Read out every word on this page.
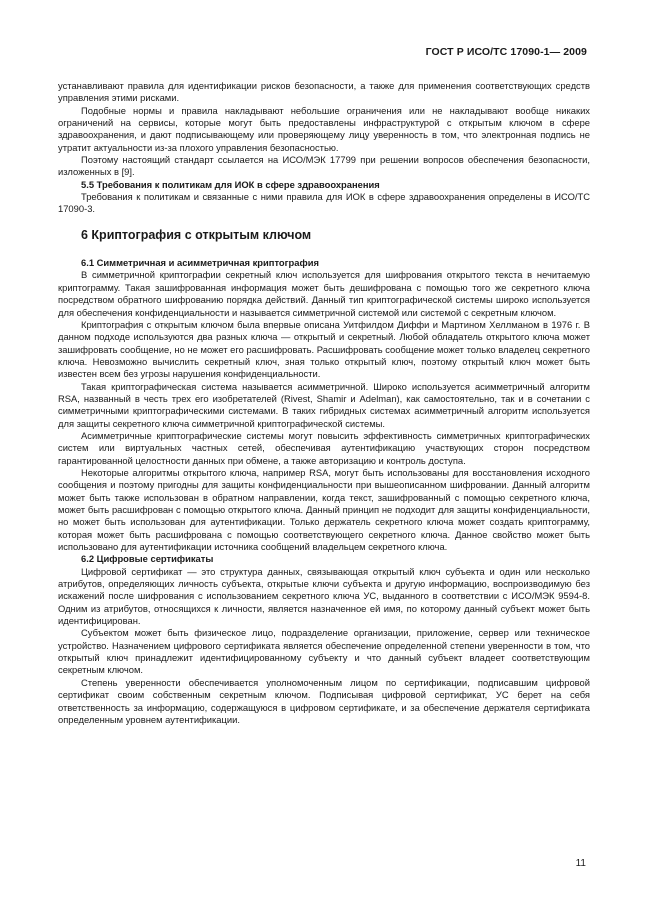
ГОСТ Р ИСО/ТС 17090-1— 2009

устанавливают правила для идентификации рисков безопасности, а также для применения соответствующих средств управления этими рисками.

Подобные нормы и правила накладывают небольшие ограничения или не накладывают вообще никаких ограничений на сервисы, которые могут быть предоставлены инфраструктурой с открытым ключом в сфере здравоохранения, и дают подписывающему или проверяющему лицу уверенность в том, что электронная подпись не утратит актуальности из-за плохого управления безопасностью.

Поэтому настоящий стандарт ссылается на ИСО/МЭК 17799 при решении вопросов обеспечения безопасности, изложенных в [9].

5.5 Требования к политикам для ИОК в сфере здравоохранения

Требования к политикам и связанные с ними правила для ИОК в сфере здравоохранения определены в ИСО/ТС 17090-3.

6 Криптография с открытым ключом

6.1 Симметричная и асимметричная криптография

В симметричной криптографии секретный ключ используется для шифрования открытого текста в нечитаемую криптограмму. Такая зашифрованная информация может быть дешифрована с помощью того же секретного ключа посредством обратного шифрованию порядка действий. Данный тип криптографической системы широко используется для обеспечения конфиденциальности и называется симметричной системой или системой с секретным ключом.

Криптография с открытым ключом была впервые описана Уитфилдом Диффи и Мартином Хеллманом в 1976 г. В данном подходе используются два разных ключа — открытый и секретный. Любой обладатель открытого ключа может зашифровать сообщение, но не может его расшифровать. Расшифровать сообщение может только владелец секретного ключа. Невозможно вычислить секретный ключ, зная только открытый ключ, поэтому открытый ключ может быть известен всем без угрозы нарушения конфиденциальности.

Такая криптографическая система называется асимметричной. Широко используется асимметричный алгоритм RSA, названный в честь трех его изобретателей (Rivest, Shamir и Adelman), как самостоятельно, так и в сочетании с симметричными криптографическими системами. В таких гибридных системах асимметричный алгоритм используется для защиты секретного ключа симметричной криптографической системы.

Асимметричные криптографические системы могут повысить эффективность симметричных криптографических систем или виртуальных частных сетей, обеспечивая аутентификацию участвующих сторон посредством гарантированной целостности данных при обмене, а также авторизацию и контроль доступа.

Некоторые алгоритмы открытого ключа, например RSA, могут быть использованы для восстановления исходного сообщения и поэтому пригодны для защиты конфиденциальности при вышеописанном шифровании. Данный алгоритм может быть также использован в обратном направлении, когда текст, зашифрованный с помощью секретного ключа, может быть расшифрован с помощью открытого ключа. Данный принцип не подходит для защиты конфиденциальности, но может быть использован для аутентификации. Только держатель секретного ключа может создать криптограмму, которая может быть расшифрована с помощью соответствующего секретного ключа. Данное свойство может быть использовано для аутентификации источника сообщений владельцем секретного ключа.

6.2 Цифровые сертификаты

Цифровой сертификат — это структура данных, связывающая открытый ключ субъекта и один или несколько атрибутов, определяющих личность субъекта, открытые ключи субъекта и другую информацию, воспроизводимую без искажений после шифрования с использованием секретного ключа УС, выданного в соответствии с ИСО/МЭК 9594-8. Одним из атрибутов, относящихся к личности, является назначенное ей имя, по которому данный субъект может быть идентифицирован.

Субъектом может быть физическое лицо, подразделение организации, приложение, сервер или техническое устройство. Назначением цифрового сертификата является обеспечение определенной степени уверенности в том, что открытый ключ принадлежит идентифицированному субъекту и что данный субъект владеет соответствующим секретным ключом.

Степень уверенности обеспечивается уполномоченным лицом по сертификации, подписавшим цифровой сертификат своим собственным секретным ключом. Подписывая цифровой сертификат, УС берет на себя ответственность за информацию, содержащуюся в цифровом сертификате, и за обеспечение держателя сертификата определенным уровнем аутентификации.

11
